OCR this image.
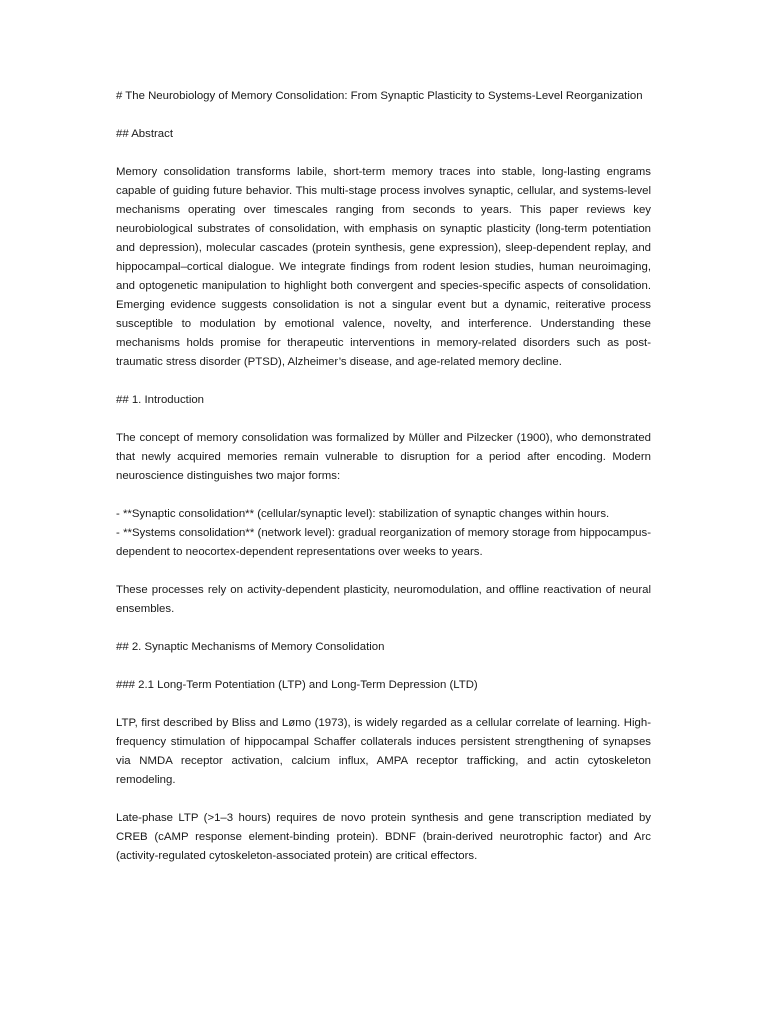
# The Neurobiology of Memory Consolidation: From Synaptic Plasticity to Systems-Level Reorganization

## Abstract

Memory consolidation transforms labile, short-term memory traces into stable, long-lasting engrams capable of guiding future behavior. This multi-stage process involves synaptic, cellular, and systems-level mechanisms operating over timescales ranging from seconds to years. This paper reviews key neurobiological substrates of consolidation, with emphasis on synaptic plasticity (long-term potentiation and depression), molecular cascades (protein synthesis, gene expression), sleep-dependent replay, and hippocampal–cortical dialogue. We integrate findings from rodent lesion studies, human neuroimaging, and optogenetic manipulation to highlight both convergent and species-specific aspects of consolidation. Emerging evidence suggests consolidation is not a singular event but a dynamic, reiterative process susceptible to modulation by emotional valence, novelty, and interference. Understanding these mechanisms holds promise for therapeutic interventions in memory-related disorders such as post-traumatic stress disorder (PTSD), Alzheimer’s disease, and age-related memory decline.

## 1. Introduction

The concept of memory consolidation was formalized by Müller and Pilzecker (1900), who demonstrated that newly acquired memories remain vulnerable to disruption for a period after encoding. Modern neuroscience distinguishes two major forms:

- **Synaptic consolidation** (cellular/synaptic level): stabilization of synaptic changes within hours.

- **Systems consolidation** (network level): gradual reorganization of memory storage from hippocampus-dependent to neocortex-dependent representations over weeks to years.

These processes rely on activity-dependent plasticity, neuromodulation, and offline reactivation of neural ensembles.

## 2. Synaptic Mechanisms of Memory Consolidation

### 2.1 Long-Term Potentiation (LTP) and Long-Term Depression (LTD)

LTP, first described by Bliss and Lømo (1973), is widely regarded as a cellular correlate of learning. High-frequency stimulation of hippocampal Schaffer collaterals induces persistent strengthening of synapses via NMDA receptor activation, calcium influx, AMPA receptor trafficking, and actin cytoskeleton remodeling.

Late-phase LTP (>1–3 hours) requires de novo protein synthesis and gene transcription mediated by CREB (cAMP response element-binding protein). BDNF (brain-derived neurotrophic factor) and Arc (activity-regulated cytoskeleton-associated protein) are critical effectors.
